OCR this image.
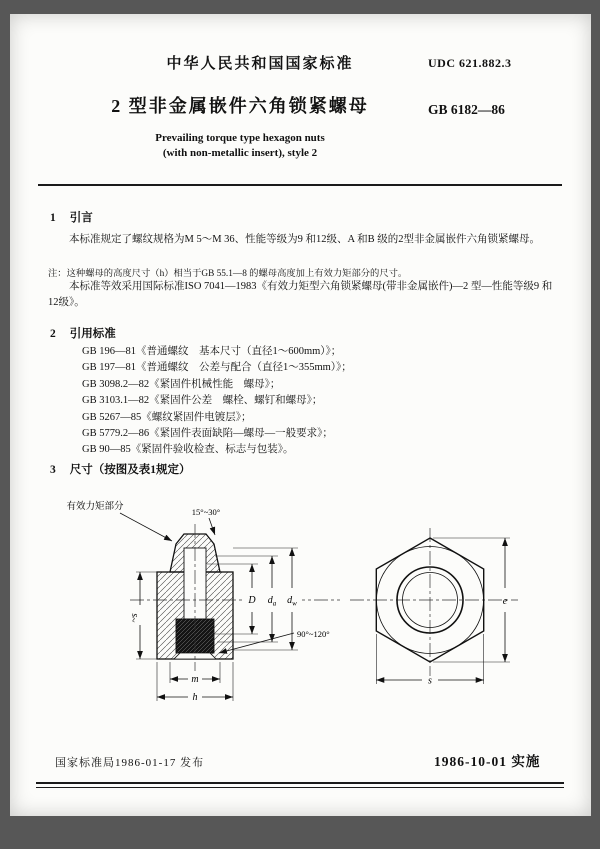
中华人民共和国国家标准	UDC 621.882.3
2 型非金属嵌件六角锁紧螺母	GB 6182—86
Prevailing torque type hexagon nuts
(with non-metallic insert), style 2
1 引言
本标准规定了螺纹规格为M 5～M 36、性能等级为9 和12级、A 和B 级的2型非金属嵌件六角锁紧螺母。
注：这种螺母的高度尺寸（h）相当于GB 55.1—8 的螺母高度加上有效力矩部分的尺寸。
本标准等效采用国际标准ISO 7041—1983《有效力矩型六角锁紧螺母(带非金属嵌件)—2 型—性能等级9 和12级》。
2 引用标准
GB 196—81《普通螺纹　基本尺寸（直径1～600mm）》；
GB 197—81《普通螺纹　公差与配合（直径1～355mm）》；
GB 3098.2—82《紧固件机械性能　螺母》；
GB 3103.1—82《紧固件公差　螺栓、螺钉和螺母》；
GB 5267—85《螺纹紧固件电镀层》；
GB 5779.2—86《紧固件表面缺陷—螺母—一般要求》；
GB 90—85《紧固件验收检查、标志与包装》。
3 尺寸（按图及表1规定）
有效力矩部分	15°~30°
~s
D $d_a$ $d_w$
90°~120°
m
h
e
s
国家标准局1986-01-17 发布	1986-10-01 实施
